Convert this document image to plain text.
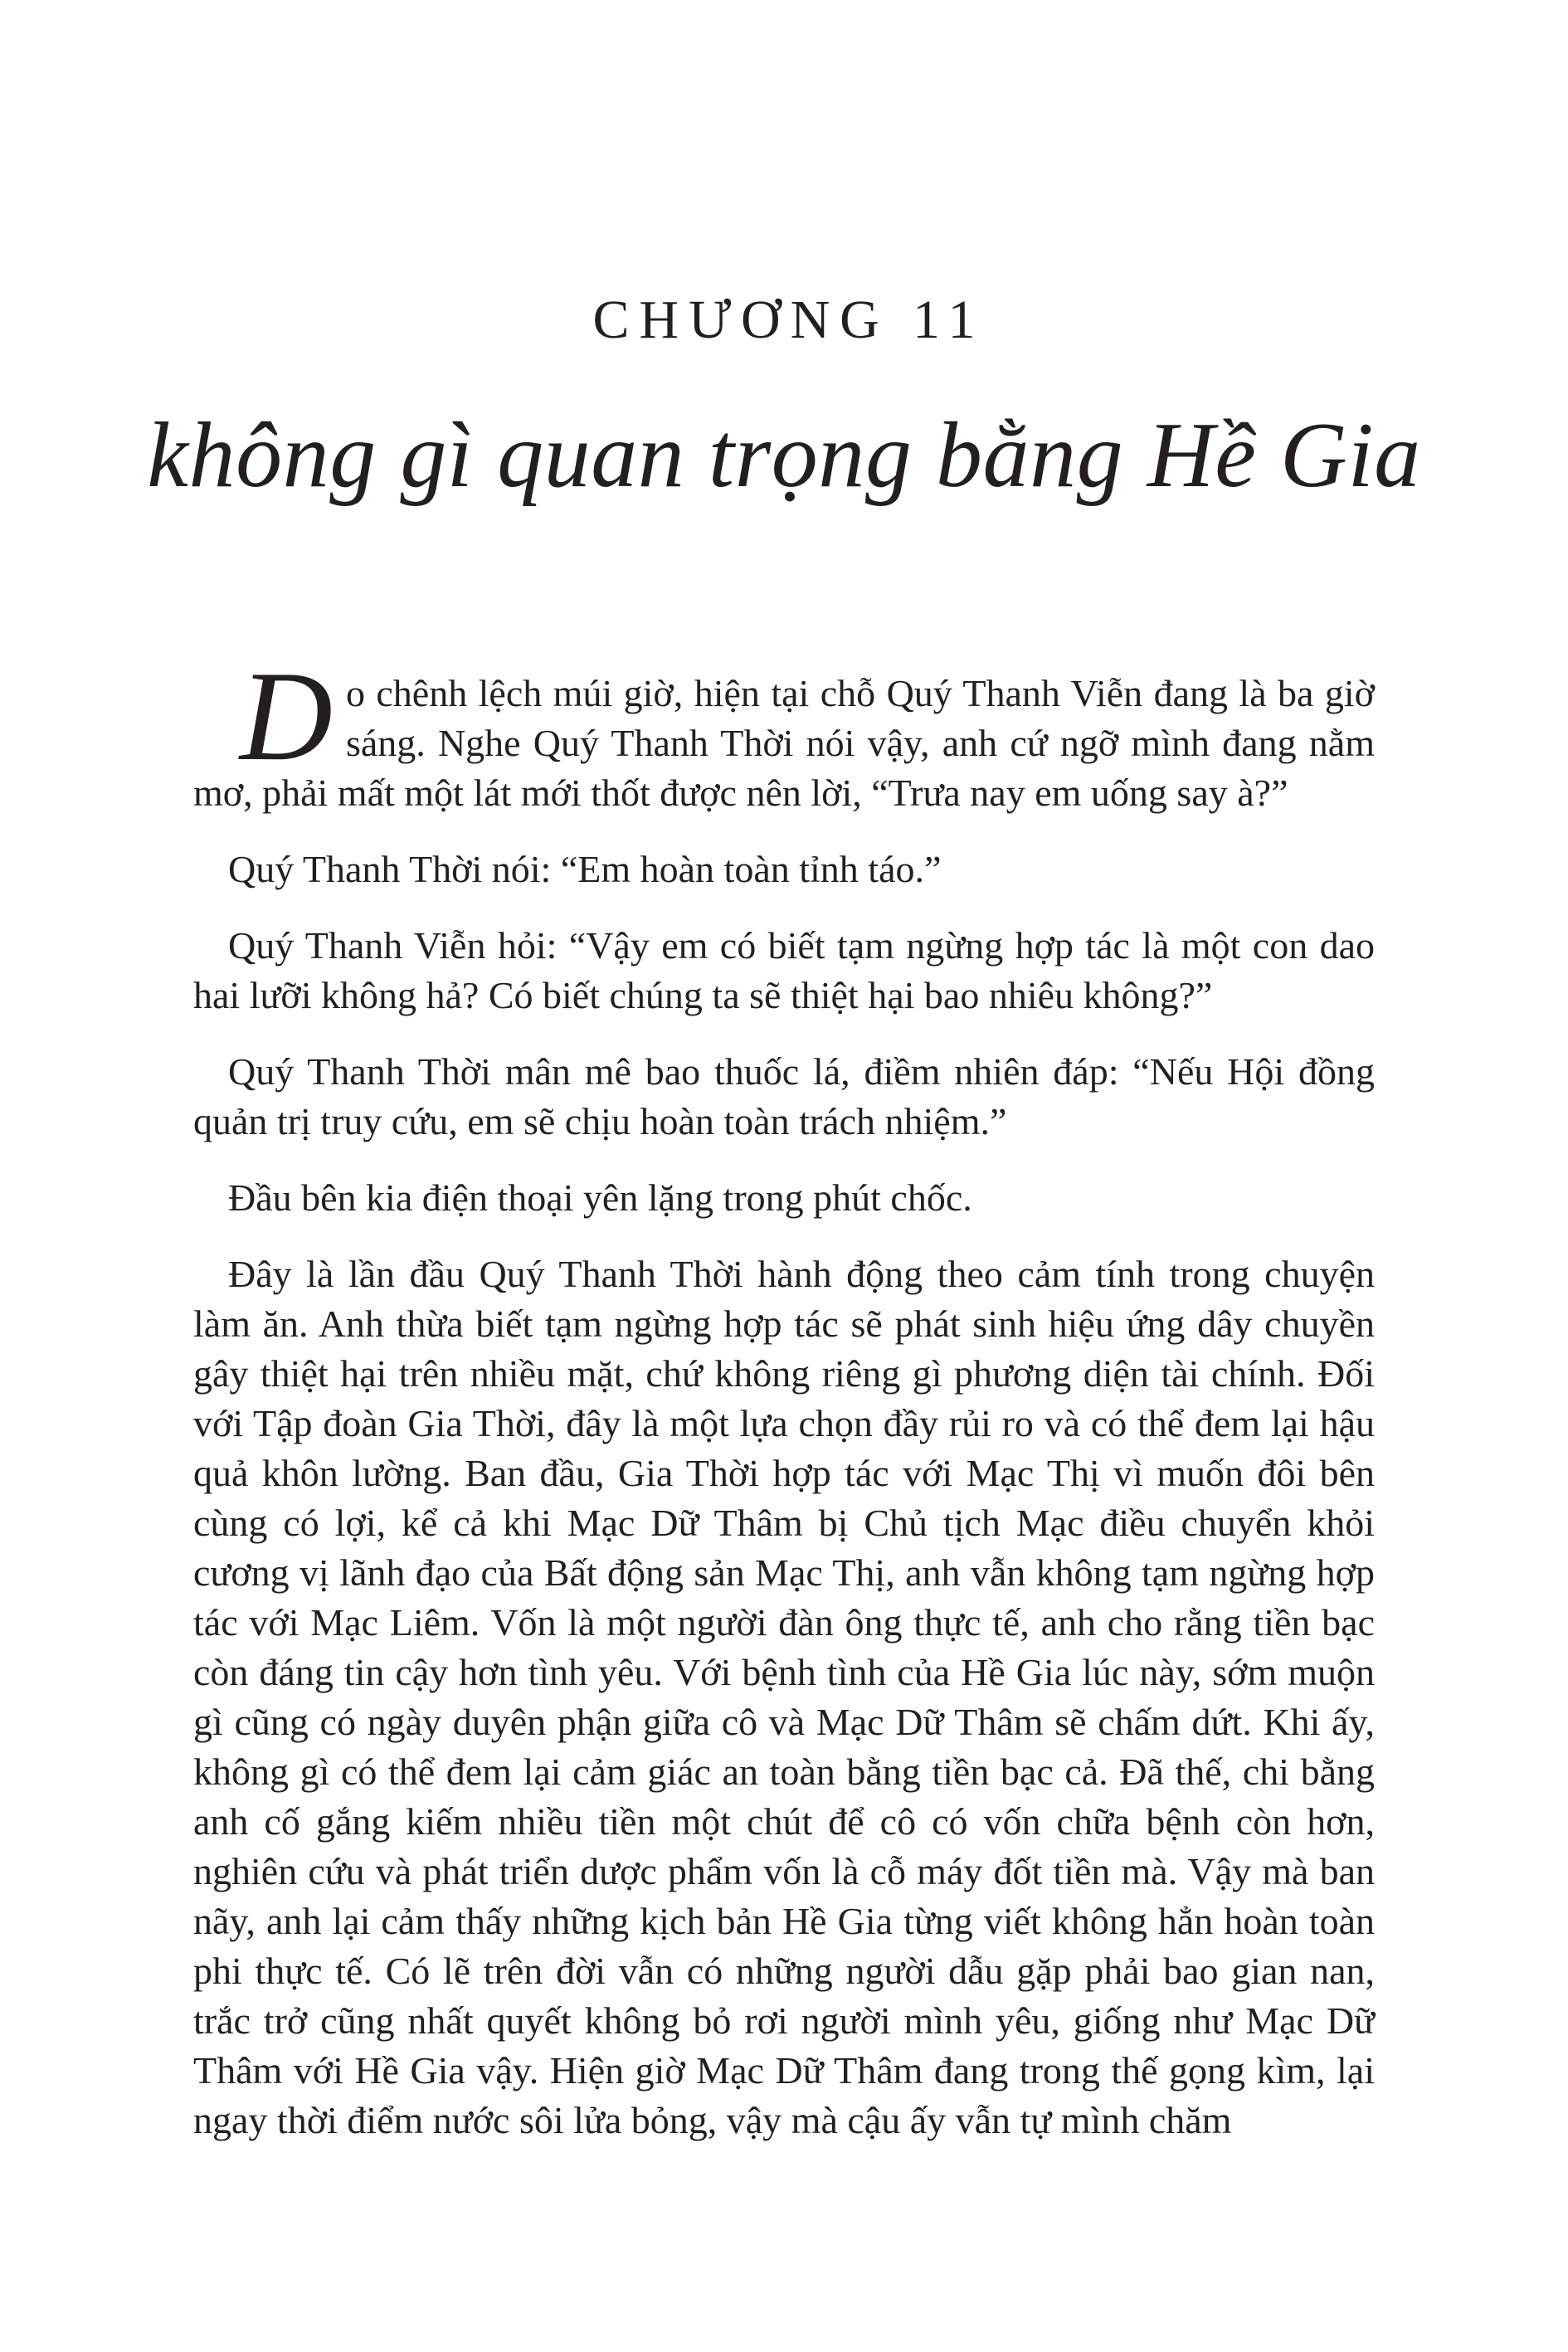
CHƯƠNG 11
không gì quan trọng bằng Hề Gia

Do chênh lệch múi giờ, hiện tại chỗ Quý Thanh Viễn đang là ba giờ sáng. Nghe Quý Thanh Thời nói vậy, anh cứ ngỡ mình đang nằm mơ, phải mất một lát mới thốt được nên lời, “Trưa nay em uống say à?”

Quý Thanh Thời nói: “Em hoàn toàn tỉnh táo.”

Quý Thanh Viễn hỏi: “Vậy em có biết tạm ngừng hợp tác là một con dao hai lưỡi không hả? Có biết chúng ta sẽ thiệt hại bao nhiêu không?”

Quý Thanh Thời mân mê bao thuốc lá, điềm nhiên đáp: “Nếu Hội đồng quản trị truy cứu, em sẽ chịu hoàn toàn trách nhiệm.”

Đầu bên kia điện thoại yên lặng trong phút chốc.

Đây là lần đầu Quý Thanh Thời hành động theo cảm tính trong chuyện làm ăn. Anh thừa biết tạm ngừng hợp tác sẽ phát sinh hiệu ứng dây chuyền gây thiệt hại trên nhiều mặt, chứ không riêng gì phương diện tài chính. Đối với Tập đoàn Gia Thời, đây là một lựa chọn đầy rủi ro và có thể đem lại hậu quả khôn lường. Ban đầu, Gia Thời hợp tác với Mạc Thị vì muốn đôi bên cùng có lợi, kể cả khi Mạc Dữ Thâm bị Chủ tịch Mạc điều chuyển khỏi cương vị lãnh đạo của Bất động sản Mạc Thị, anh vẫn không tạm ngừng hợp tác với Mạc Liêm. Vốn là một người đàn ông thực tế, anh cho rằng tiền bạc còn đáng tin cậy hơn tình yêu. Với bệnh tình của Hề Gia lúc này, sớm muộn gì cũng có ngày duyên phận giữa cô và Mạc Dữ Thâm sẽ chấm dứt. Khi ấy, không gì có thể đem lại cảm giác an toàn bằng tiền bạc cả. Đã thế, chi bằng anh cố gắng kiếm nhiều tiền một chút để cô có vốn chữa bệnh còn hơn, nghiên cứu và phát triển dược phẩm vốn là cỗ máy đốt tiền mà. Vậy mà ban nãy, anh lại cảm thấy những kịch bản Hề Gia từng viết không hẳn hoàn toàn phi thực tế. Có lẽ trên đời vẫn có những người dẫu gặp phải bao gian nan, trắc trở cũng nhất quyết không bỏ rơi người mình yêu, giống như Mạc Dữ Thâm với Hề Gia vậy. Hiện giờ Mạc Dữ Thâm đang trong thế gọng kìm, lại ngay thời điểm nước sôi lửa bỏng, vậy mà cậu ấy vẫn tự mình chăm
